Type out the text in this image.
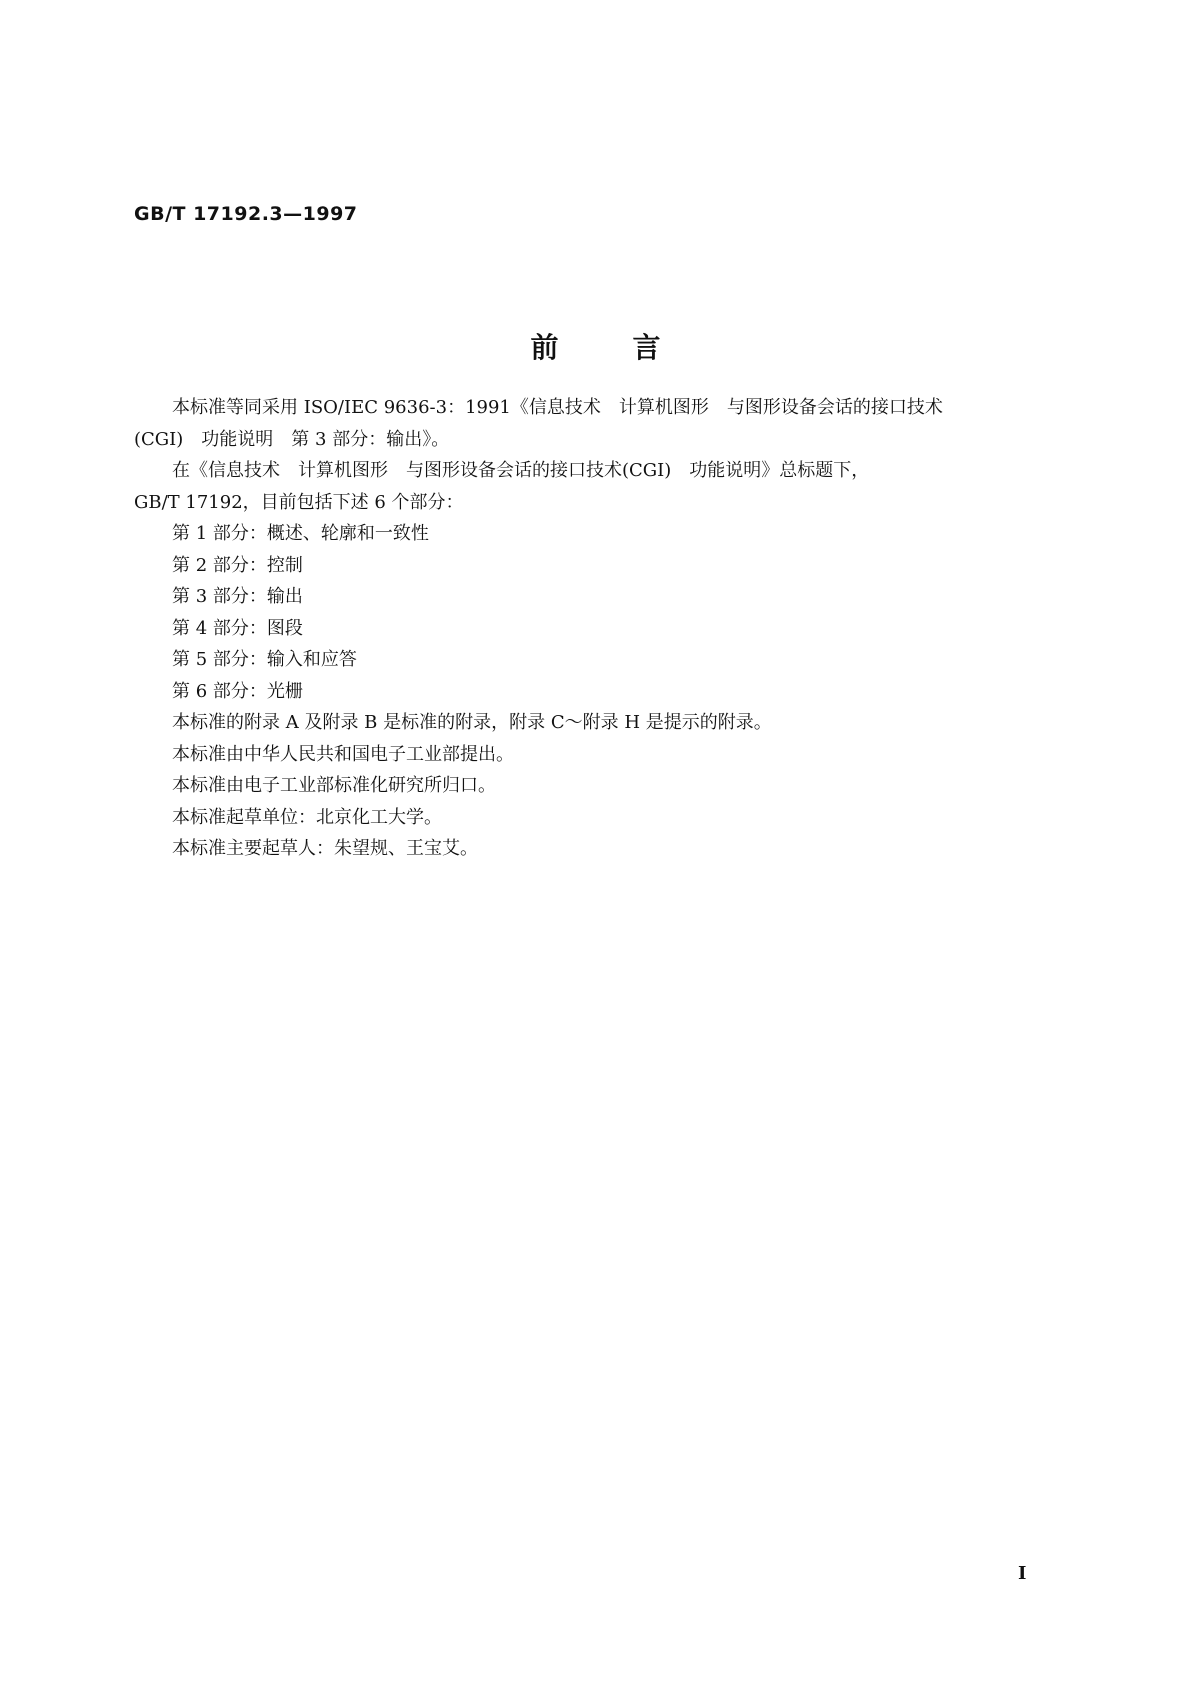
GB/T 17192.3—1997
前言

本标准等同采用 ISO/IEC 9636-3：1991《信息技术　计算机图形　与图形设备会话的接口技术
(CGI)　功能说明　第 3 部分：输出》。

在《信息技术　计算机图形　与图形设备会话的接口技术(CGI)　功能说明》总标题下，
GB/T 17192，目前包括下述 6 个部分：

第 1 部分：概述、轮廓和一致性

第 2 部分：控制

第 3 部分：输出

第 4 部分：图段

第 5 部分：输入和应答

第 6 部分：光栅

本标准的附录 A 及附录 B 是标准的附录，附录 C～附录 H 是提示的附录。

本标准由中华人民共和国电子工业部提出。

本标准由电子工业部标准化研究所归口。

本标准起草单位：北京化工大学。

本标准主要起草人：朱望规、王宝艾。

I
